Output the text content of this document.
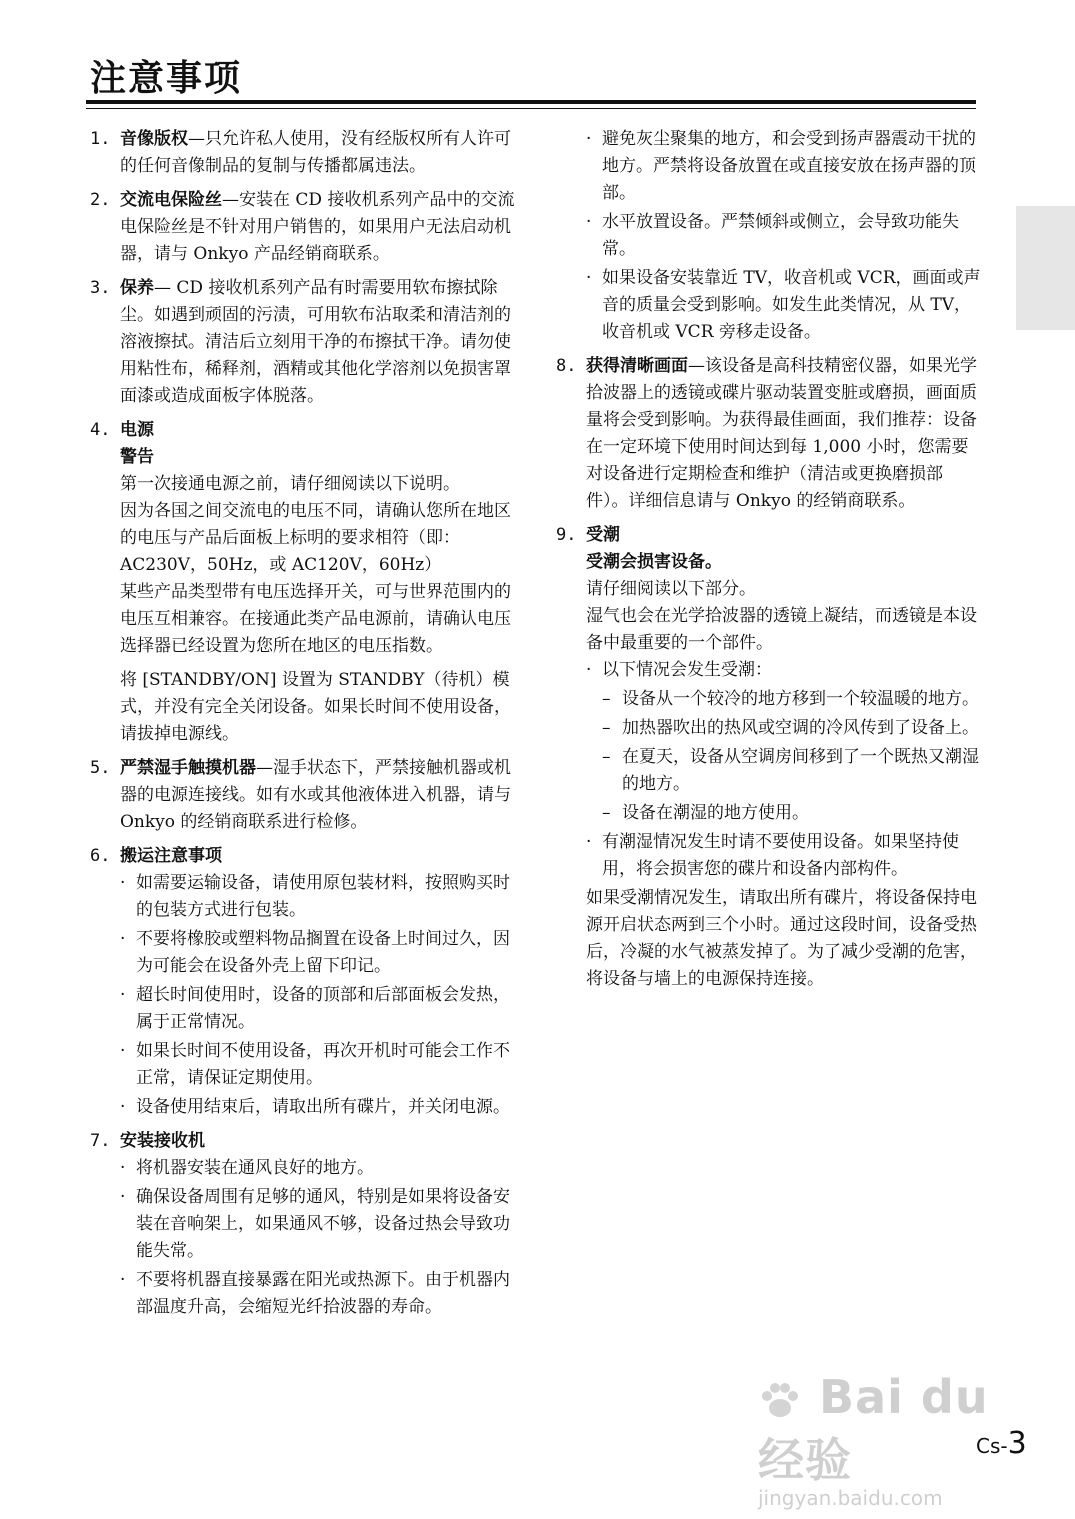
注意事项
1. 音像版权—只允许私人使用，没有经版权所有人许可的任何音像制品的复制与传播都属违法。

2. 交流电保险丝—安装在 CD 接收机系列产品中的交流电保险丝是不针对用户销售的，如果用户无法启动机器，请与 Onkyo 产品经销商联系。

3. 保养— CD 接收机系列产品有时需要用软布擦拭除尘。如遇到顽固的污渍，可用软布沾取柔和清洁剂的溶液擦拭。清洁后立刻用干净的布擦拭干净。请勿使用粘性布，稀释剂，酒精或其他化学溶剂以免损害罩面漆或造成面板字体脱落。

4. 电源

警告

第一次接通电源之前，请仔细阅读以下说明。

因为各国之间交流电的电压不同，请确认您所在地区的电压与产品后面板上标明的要求相符（即：AC230V，50Hz，或 AC120V，60Hz）

某些产品类型带有电压选择开关，可与世界范围内的电压互相兼容。在接通此类产品电源前，请确认电压选择器已经设置为您所在地区的电压指数。

将 [STANDBY/ON] 设置为 STANDBY（待机）模式，并没有完全关闭设备。如果长时间不使用设备，请拔掉电源线。

5. 严禁湿手触摸机器—湿手状态下，严禁接触机器或机器的电源连接线。如有水或其他液体进入机器，请与 Onkyo 的经销商联系进行检修。

6. 搬运注意事项

· 如需要运输设备，请使用原包装材料，按照购买时的包装方式进行包装。

· 不要将橡胶或塑料物品搁置在设备上时间过久，因为可能会在设备外壳上留下印记。

· 超长时间使用时，设备的顶部和后部面板会发热，属于正常情况。

· 如果长时间不使用设备，再次开机时可能会工作不正常，请保证定期使用。

· 设备使用结束后，请取出所有碟片，并关闭电源。

7. 安装接收机

· 将机器安装在通风良好的地方。

· 确保设备周围有足够的通风，特别是如果将设备安装在音响架上，如果通风不够，设备过热会导致功能失常。

· 不要将机器直接暴露在阳光或热源下。由于机器内部温度升高，会缩短光纤拾波器的寿命。

· 避免灰尘聚集的地方，和会受到扬声器震动干扰的地方。严禁将设备放置在或直接安放在扬声器的顶部。

· 水平放置设备。严禁倾斜或侧立，会导致功能失常。

· 如果设备安装靠近 TV，收音机或 VCR，画面或声音的质量会受到影响。如发生此类情况，从 TV，收音机或 VCR 旁移走设备。

8. 获得清晰画面—该设备是高科技精密仪器，如果光学拾波器上的透镜或碟片驱动装置变脏或磨损，画面质量将会受到影响。为获得最佳画面，我们推荐：设备在一定环境下使用时间达到每 1,000 小时，您需要对设备进行定期检查和维护（清洁或更换磨损部件）。详细信息请与 Onkyo 的经销商联系。

9. 受潮

受潮会损害设备。

请仔细阅读以下部分。

湿气也会在光学拾波器的透镜上凝结，而透镜是本设备中最重要的一个部件。

· 以下情况会发生受潮：

– 设备从一个较冷的地方移到一个较温暖的地方。

– 加热器吹出的热风或空调的冷风传到了设备上。

– 在夏天，设备从空调房间移到了一个既热又潮湿的地方。

– 设备在潮湿的地方使用。

· 有潮湿情况发生时请不要使用设备。如果坚持使用，将会损害您的碟片和设备内部构件。

如果受潮情况发生，请取出所有碟片，将设备保持电源开启状态两到三个小时。通过这段时间，设备受热后，冷凝的水气被蒸发掉了。为了减少受潮的危害，将设备与墙上的电源保持连接。

Bai du 经验
jingyan.baidu.com
Cs-3
